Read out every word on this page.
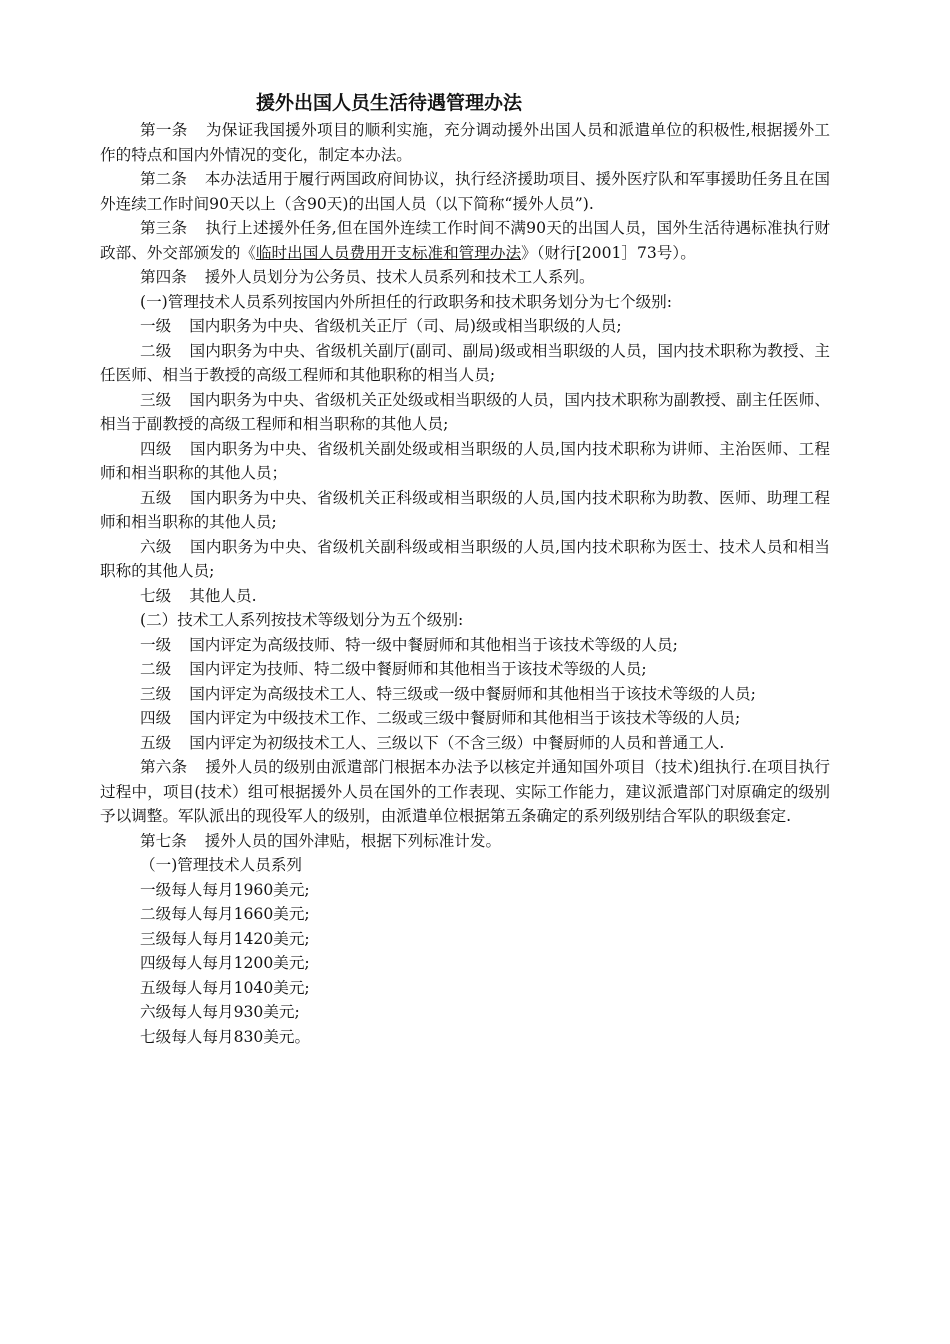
援外出国人员生活待遇管理办法

第一条 为保证我国援外项目的顺利实施，充分调动援外出国人员和派遣单位的积极性,根据援外工作的特点和国内外情况的变化，制定本办法。

第二条 本办法适用于履行两国政府间协议，执行经济援助项目、援外医疗队和军事援助任务且在国外连续工作时间90天以上（含90天)的出国人员（以下简称“援外人员”).

第三条 执行上述援外任务,但在国外连续工作时间不满90天的出国人员，国外生活待遇标准执行财政部、外交部颁发的《临时出国人员费用开支标准和管理办法》（财行[2001］73号）。

第四条 援外人员划分为公务员、技术人员系列和技术工人系列。

(一)管理技术人员系列按国内外所担任的行政职务和技术职务划分为七个级别:

一级 国内职务为中央、省级机关正厅（司、局)级或相当职级的人员;

二级 国内职务为中央、省级机关副厅(副司、副局)级或相当职级的人员，国内技术职称为教授、主任医师、相当于教授的高级工程师和其他职称的相当人员;

三级 国内职务为中央、省级机关正处级或相当职级的人员，国内技术职称为副教授、副主任医师、相当于副教授的高级工程师和相当职称的其他人员;

四级 国内职务为中央、省级机关副处级或相当职级的人员,国内技术职称为讲师、主治医师、工程师和相当职称的其他人员；

五级 国内职务为中央、省级机关正科级或相当职级的人员,国内技术职称为助教、医师、助理工程师和相当职称的其他人员;

六级 国内职务为中央、省级机关副科级或相当职级的人员,国内技术职称为医士、技术人员和相当职称的其他人员;

七级 其他人员.

(二）技术工人系列按技术等级划分为五个级别:

一级 国内评定为高级技师、特一级中餐厨师和其他相当于该技术等级的人员;

二级 国内评定为技师、特二级中餐厨师和其他相当于该技术等级的人员;

三级 国内评定为高级技术工人、特三级或一级中餐厨师和其他相当于该技术等级的人员;

四级 国内评定为中级技术工作、二级或三级中餐厨师和其他相当于该技术等级的人员;

五级 国内评定为初级技术工人、三级以下（不含三级）中餐厨师的人员和普通工人.

第六条 援外人员的级别由派遣部门根据本办法予以核定并通知国外项目（技术)组执行.在项目执行过程中，项目(技术）组可根据援外人员在国外的工作表现、实际工作能力，建议派遣部门对原确定的级别予以调整。军队派出的现役军人的级别，由派遣单位根据第五条确定的系列级别结合军队的职级套定.

第七条 援外人员的国外津贴，根据下列标准计发。

（一)管理技术人员系列

一级每人每月1960美元;

二级每人每月1660美元;

三级每人每月1420美元;

四级每人每月1200美元;

五级每人每月1040美元;

六级每人每月930美元;

七级每人每月830美元。
